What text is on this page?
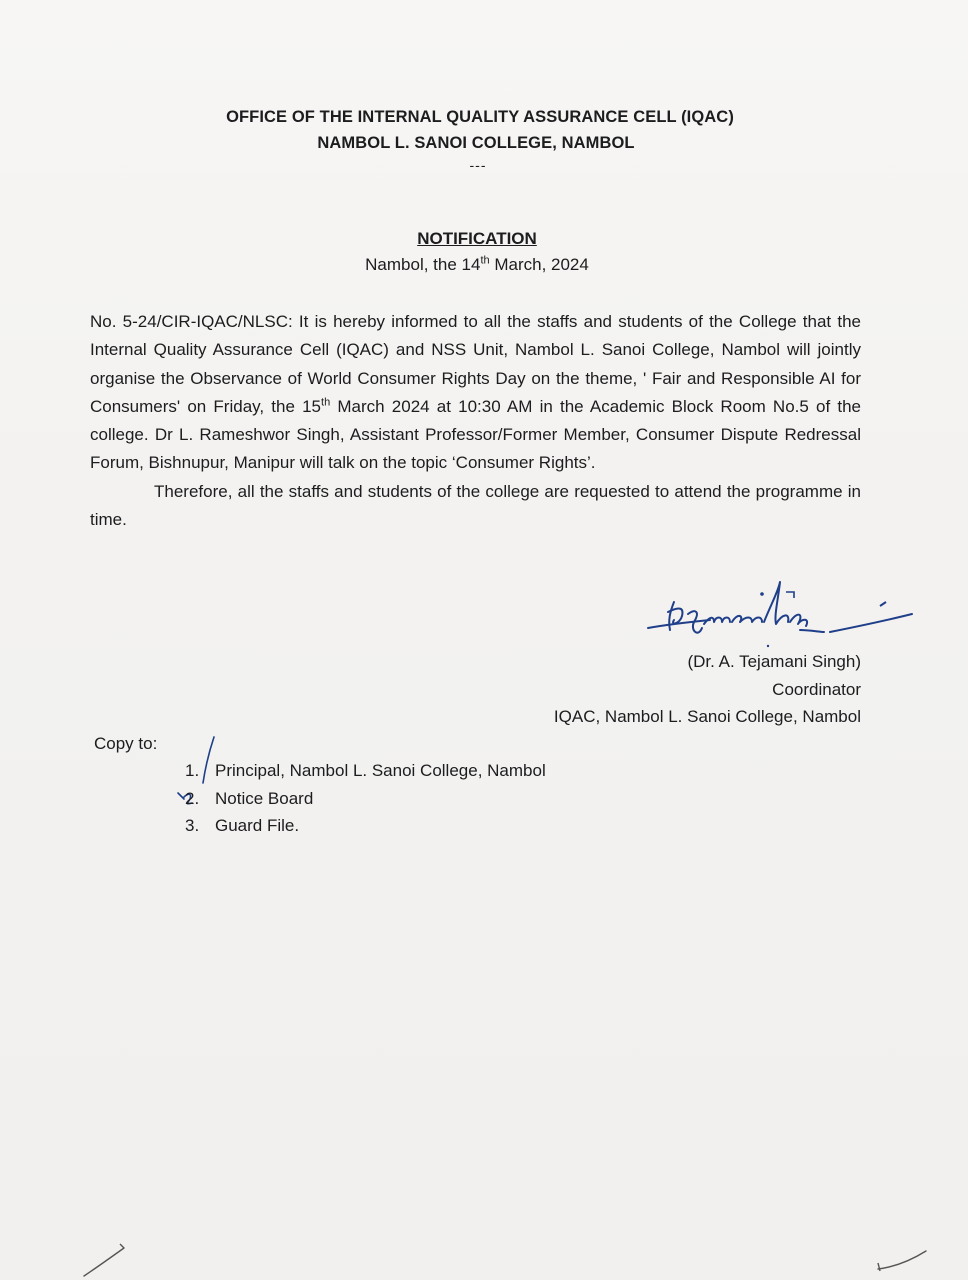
OFFICE OF THE INTERNAL QUALITY ASSURANCE CELL (IQAC)
NAMBOL L. SANOI COLLEGE, NAMBOL
---
NOTIFICATION
Nambol, the 14th March, 2024

No. 5-24/CIR-IQAC/NLSC: It is hereby informed to all the staffs and students of the College that the Internal Quality Assurance Cell (IQAC) and NSS Unit, Nambol L. Sanoi College, Nambol will jointly organise the Observance of World Consumer Rights Day on the theme, ' Fair and Responsible AI for Consumers' on Friday, the 15th March 2024 at 10:30 AM in the Academic Block Room No.5 of the college. Dr L. Rameshwor Singh, Assistant Professor/Former Member, Consumer Dispute Redressal Forum, Bishnupur, Manipur will talk on the topic ‘Consumer Rights’.

Therefore, all the staffs and students of the college are requested to attend the programme in time.

(Dr. A. Tejamani Singh)
Coordinator
IQAC, Nambol L. Sanoi College, Nambol
Copy to:
1. Principal, Nambol L. Sanoi College, Nambol
2. Notice Board
3. Guard File.
